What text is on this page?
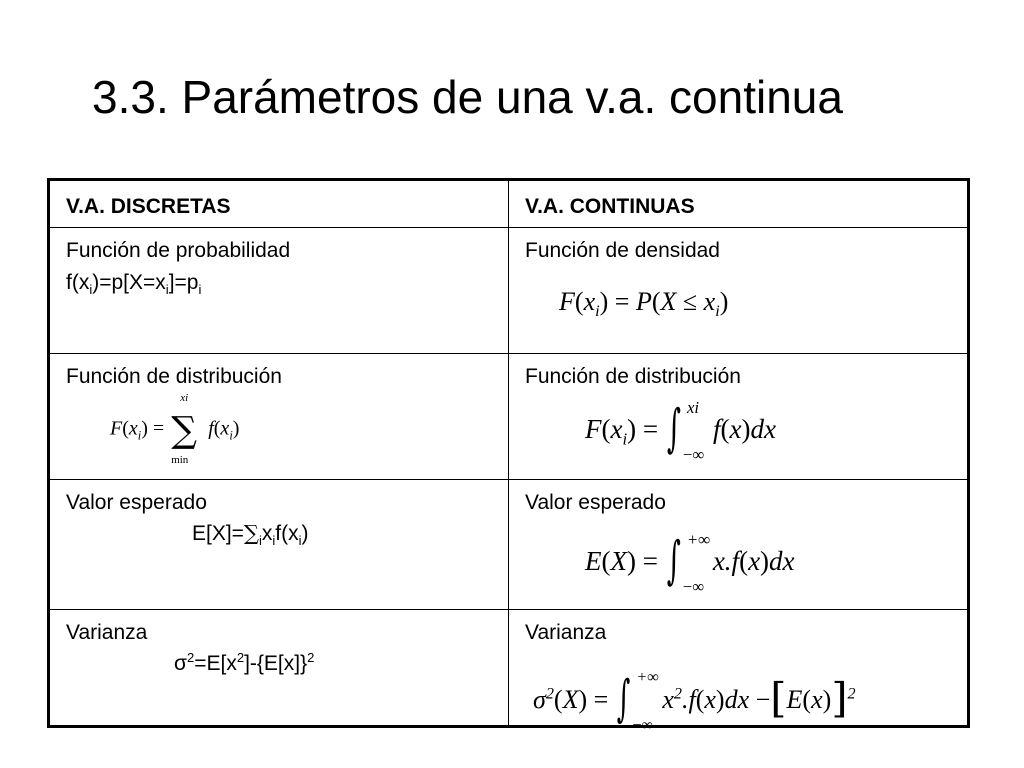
3.3. Parámetros de una v.a. continua
V.A. DISCRETAS	V.A. CONTINUAS
Función de probabilidad
$f(x_i)=p[X=x_i]=p_i$
Función de densidad
$F(x_i) = P(X \le x_i)$
Función de distribución
$F(x_i)$ =
xi
∑
min
$f(x_i)$
Función de distribución
$F(x_i)$ = ∫ xi
−∞
f(x)dx
Valor esperado
$E[X]=\sum_ix_if(x_i)$
Valor esperado
E(X) = ∫ +∞
−∞
x.f(x)dx
Varianza
$\sigma^2=E[x^2]-\{E[x]\}^2$
Varianza
$\sigma^2(X)$ = ∫ +∞
−∞
$x^2.f(x)dx -[E(x)]^2$
